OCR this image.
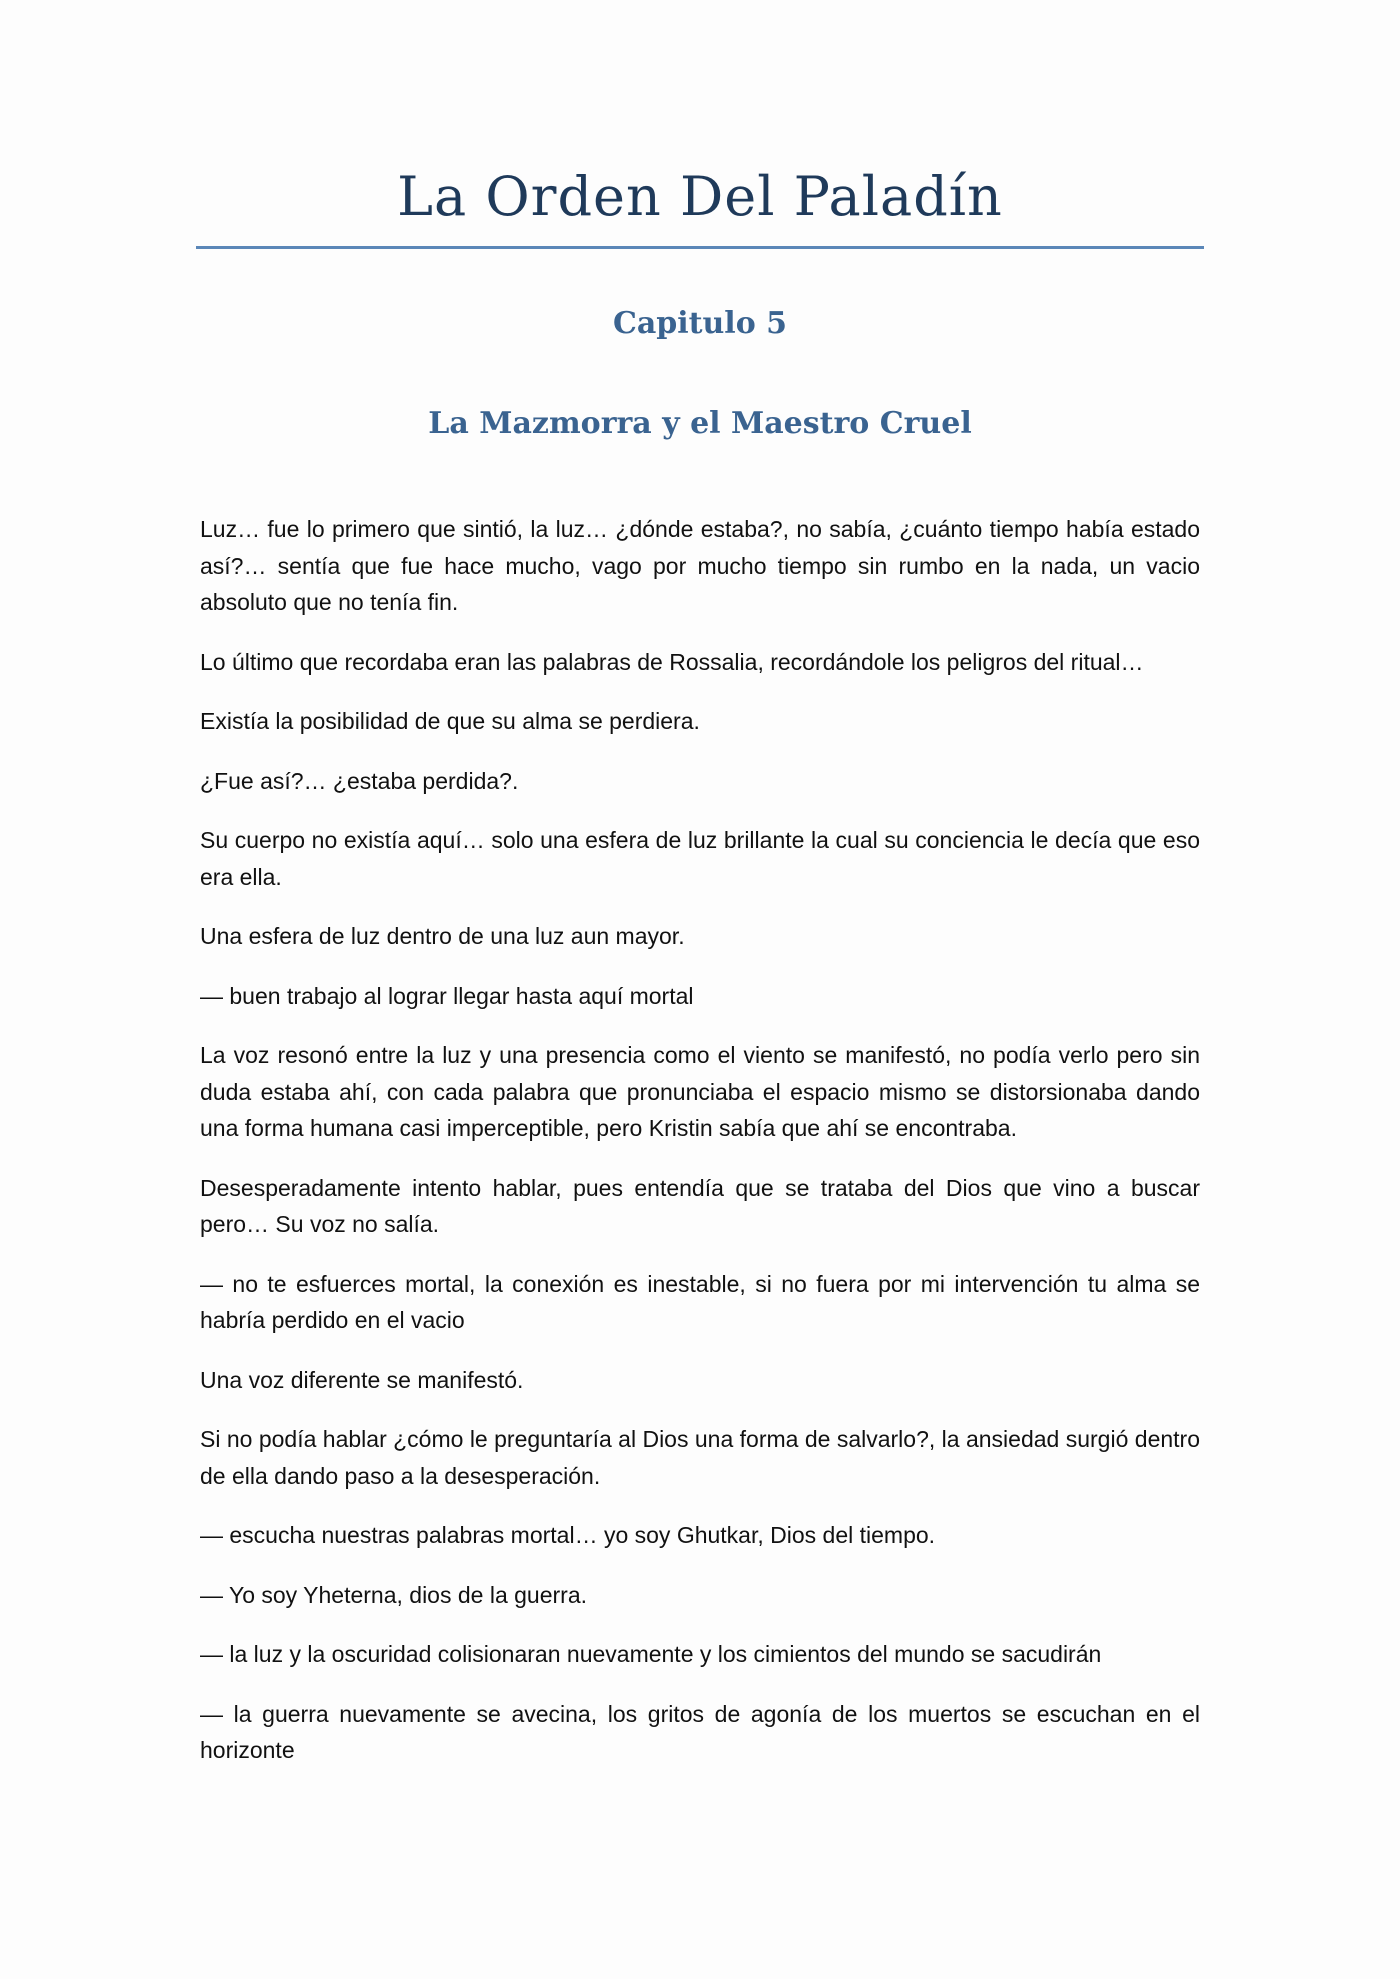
La Orden Del Paladín
Capitulo 5
La Mazmorra y el Maestro Cruel

Luz… fue lo primero que sintió, la luz… ¿dónde estaba?, no sabía, ¿cuánto tiempo había estado así?… sentía que fue hace mucho, vago por mucho tiempo sin rumbo en la nada, un vacio absoluto que no tenía fin.

Lo último que recordaba eran las palabras de Rossalia, recordándole los peligros del ritual…

Existía la posibilidad de que su alma se perdiera.

¿Fue así?… ¿estaba perdida?.

Su cuerpo no existía aquí… solo una esfera de luz brillante la cual su conciencia le decía que eso era ella.

Una esfera de luz dentro de una luz aun mayor.

— buen trabajo al lograr llegar hasta aquí mortal

La voz resonó entre la luz y una presencia como el viento se manifestó, no podía verlo pero sin duda estaba ahí, con cada palabra que pronunciaba el espacio mismo se distorsionaba dando una forma humana casi imperceptible, pero Kristin sabía que ahí se encontraba.

Desesperadamente intento hablar, pues entendía que se trataba del Dios que vino a buscar pero… Su voz no salía.

— no te esfuerces mortal, la conexión es inestable, si no fuera por mi intervención tu alma se habría perdido en el vacio

Una voz diferente se manifestó.

Si no podía hablar ¿cómo le preguntaría al Dios una forma de salvarlo?, la ansiedad surgió dentro de ella dando paso a la desesperación.

— escucha nuestras palabras mortal… yo soy Ghutkar, Dios del tiempo.

— Yo soy Yheterna, dios de la guerra.

— la luz y la oscuridad colisionaran nuevamente y los cimientos del mundo se sacudirán

— la guerra nuevamente se avecina, los gritos de agonía de los muertos se escuchan en el horizonte
